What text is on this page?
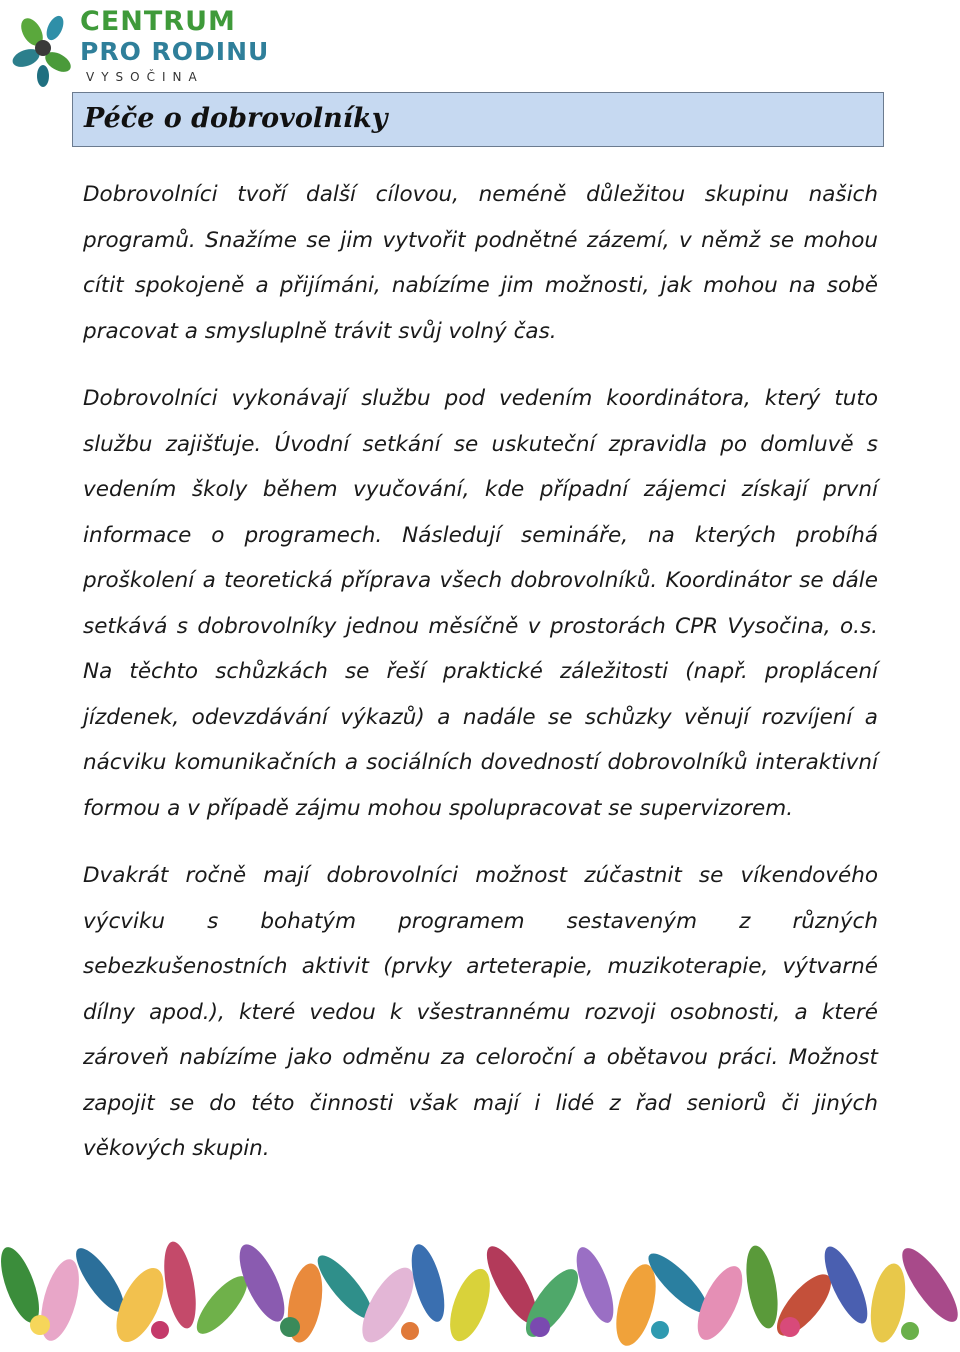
CENTRUM
PRO RODINU
VYSOČINA
Péče o dobrovolníky

Dobrovolníci tvoří další cílovou, neméně důležitou skupinu našich programů. Snažíme se jim vytvořit podnětné zázemí, v němž se mohou cítit spokojeně a přijímáni, nabízíme jim možnosti, jak mohou na sobě pracovat a smysluplně trávit svůj volný čas.

Dobrovolníci vykonávají službu pod vedením koordinátora, který tuto službu zajišťuje. Úvodní setkání se uskuteční zpravidla po domluvě s vedením školy během vyučování, kde případní zájemci získají první informace o programech. Následují semináře, na kterých probíhá proškolení a teoretická příprava všech dobrovolníků. Koordinátor se dále setkává s dobrovolníky jednou měsíčně v prostorách CPR Vysočina, o.s. Na těchto schůzkách se řeší praktické záležitosti (např. proplácení jízdenek, odevzdávání výkazů) a nadále se schůzky věnují rozvíjení a nácviku komunikačních a sociálních dovedností dobrovolníků interaktivní formou a v případě zájmu mohou spolupracovat se supervizorem.

Dvakrát ročně mají dobrovolníci možnost zúčastnit se víkendového výcviku s bohatým programem sestaveným z různých sebezkušenostních aktivit (prvky arteterapie, muzikoterapie, výtvarné dílny apod.), které vedou k všestrannému rozvoji osobnosti, a které zároveň nabízíme jako odměnu za celoroční a obětavou práci. Možnost zapojit se do této činnosti však mají i lidé z řad seniorů či jiných věkových skupin.
